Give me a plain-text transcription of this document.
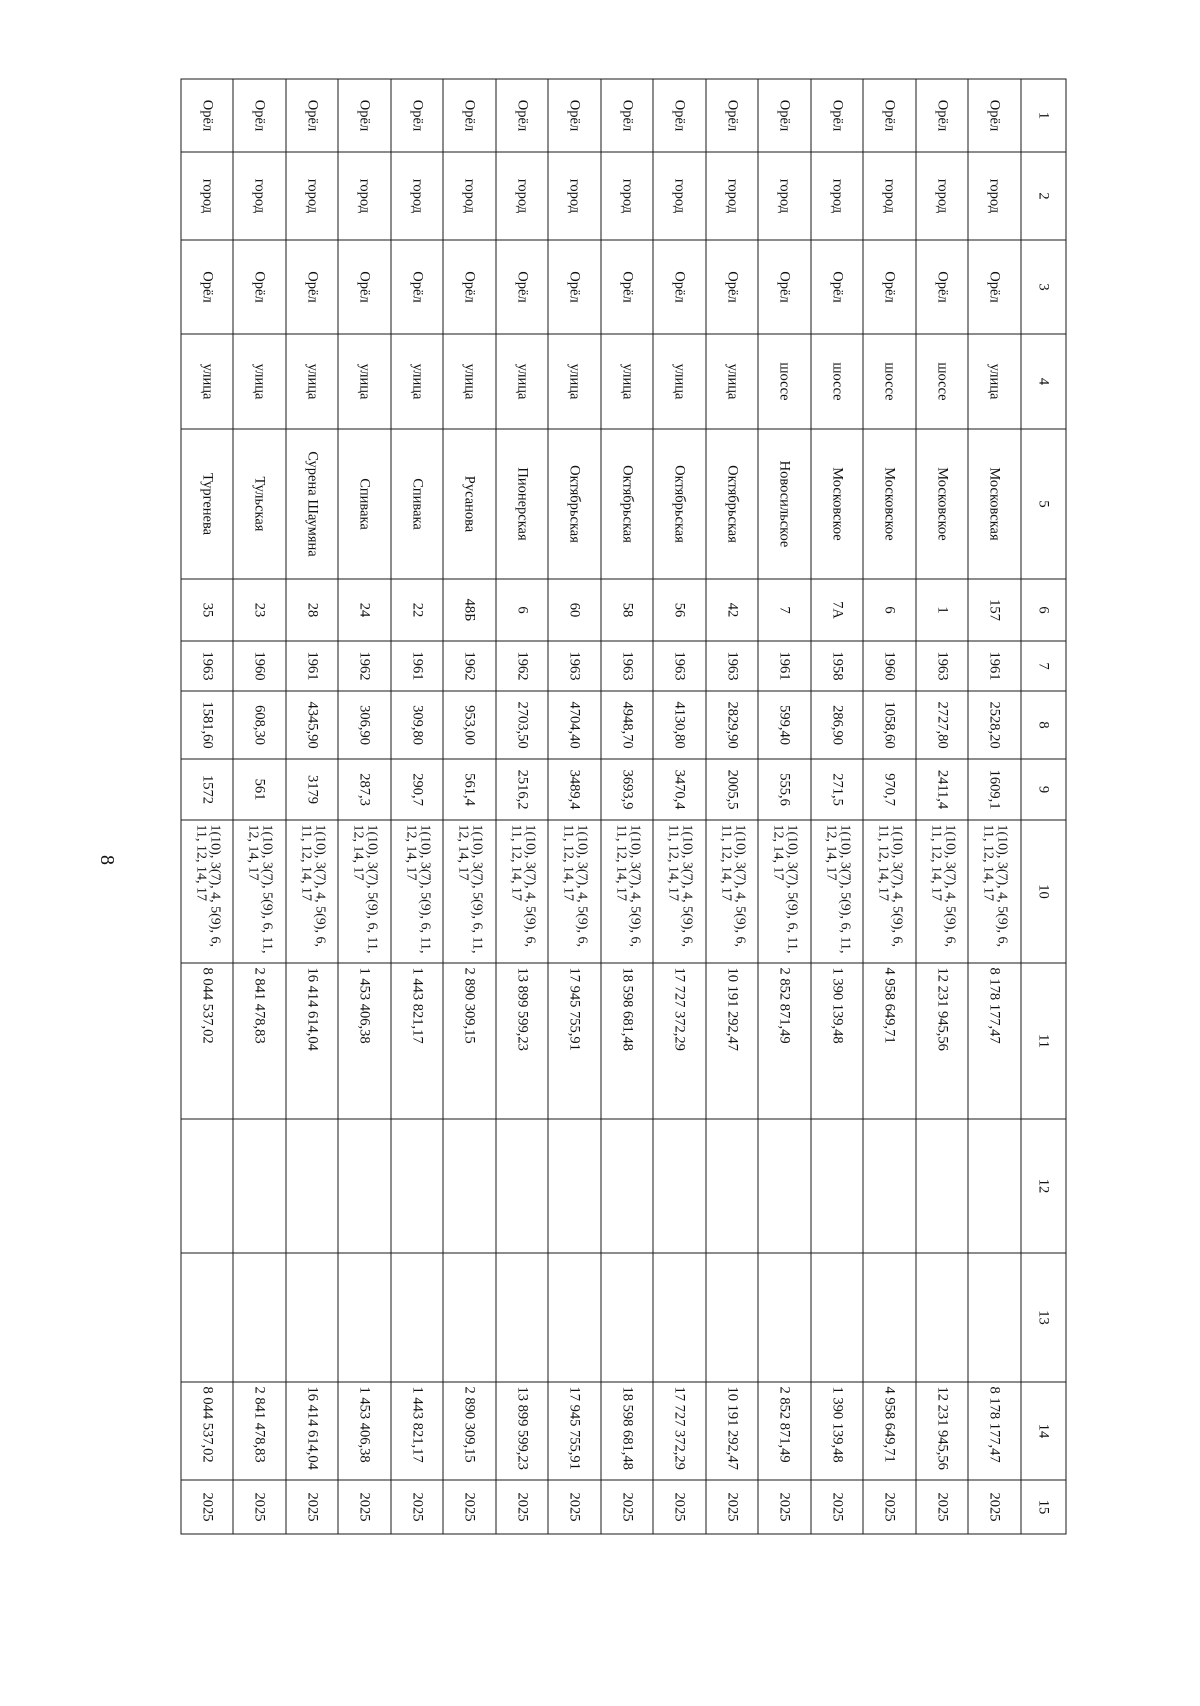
8
1	2	3	4	5	6	7	8	9	10	11	12	13	14	15
Орёл	город	Орёл	улица	Московская	157	1961	2528,20	1609,1	1(10), 3(7), 4, 5(9), 6, 11, 12, 14, 17	8 178 177,47			8 178 177,47	2025
Орёл	город	Орёл	шоссе	Московское	1	1963	2727,80	2411,4	1(10), 3(7), 4, 5(9), 6, 11, 12, 14, 17	12 231 945,56			12 231 945,56	2025
Орёл	город	Орёл	шоссе	Московское	6	1960	1058,60	970,7	1(10), 3(7), 4, 5(9), 6, 11, 12, 14, 17	4 958 649,71			4 958 649,71	2025
Орёл	город	Орёл	шоссе	Московское	7А	1958	286,90	271,5	1(10), 3(7), 5(9), 6, 11, 12, 14, 17	1 390 139,48			1 390 139,48	2025
Орёл	город	Орёл	шоссе	Новосильское	7	1961	599,40	555,6	1(10), 3(7), 5(9), 6, 11, 12, 14, 17	2 852 871,49			2 852 871,49	2025
Орёл	город	Орёл	улица	Октябрьская	42	1963	2829,90	2005,5	1(10), 3(7), 4, 5(9), 6, 11, 12, 14, 17	10 191 292,47			10 191 292,47	2025
Орёл	город	Орёл	улица	Октябрьская	56	1963	4130,80	3470,4	1(10), 3(7), 4, 5(9), 6, 11, 12, 14, 17	17 727 372,29			17 727 372,29	2025
Орёл	город	Орёл	улица	Октябрьская	58	1963	4948,70	3693,9	1(10), 3(7), 4, 5(9), 6, 11, 12, 14, 17	18 598 681,48			18 598 681,48	2025
Орёл	город	Орёл	улица	Октябрьская	60	1963	4704,40	3489,4	1(10), 3(7), 4, 5(9), 6, 11, 12, 14, 17	17 945 755,91			17 945 755,91	2025
Орёл	город	Орёл	улица	Пионерская	6	1962	2703,50	2516,2	1(10), 3(7), 4, 5(9), 6, 11, 12, 14, 17	13 899 599,23			13 899 599,23	2025
Орёл	город	Орёл	улица	Русанова	48Б	1962	953,00	561,4	1(10), 3(7), 5(9), 6, 11, 12, 14, 17	2 890 309,15			2 890 309,15	2025
Орёл	город	Орёл	улица	Спивака	22	1961	309,80	290,7	1(10), 3(7), 5(9), 6, 11, 12, 14, 17	1 443 821,17			1 443 821,17	2025
Орёл	город	Орёл	улица	Спивака	24	1962	306,90	287,3	1(10), 3(7), 5(9), 6, 11, 12, 14, 17	1 453 406,38			1 453 406,38	2025
Орёл	город	Орёл	улица	Сурена Шаумяна	28	1961	4345,90	3179	1(10), 3(7), 4, 5(9), 6, 11, 12, 14, 17	16 414 614,04			16 414 614,04	2025
Орёл	город	Орёл	улица	Тульская	23	1960	608,30	561	1(10), 3(7), 5(9), 6, 11, 12, 14, 17	2 841 478,83			2 841 478,83	2025
Орёл	город	Орёл	улица	Тургенева	35	1963	1581,60	1572	1(10), 3(7), 4, 5(9), 6, 11, 12, 14, 17	8 044 537,02			8 044 537,02	2025
